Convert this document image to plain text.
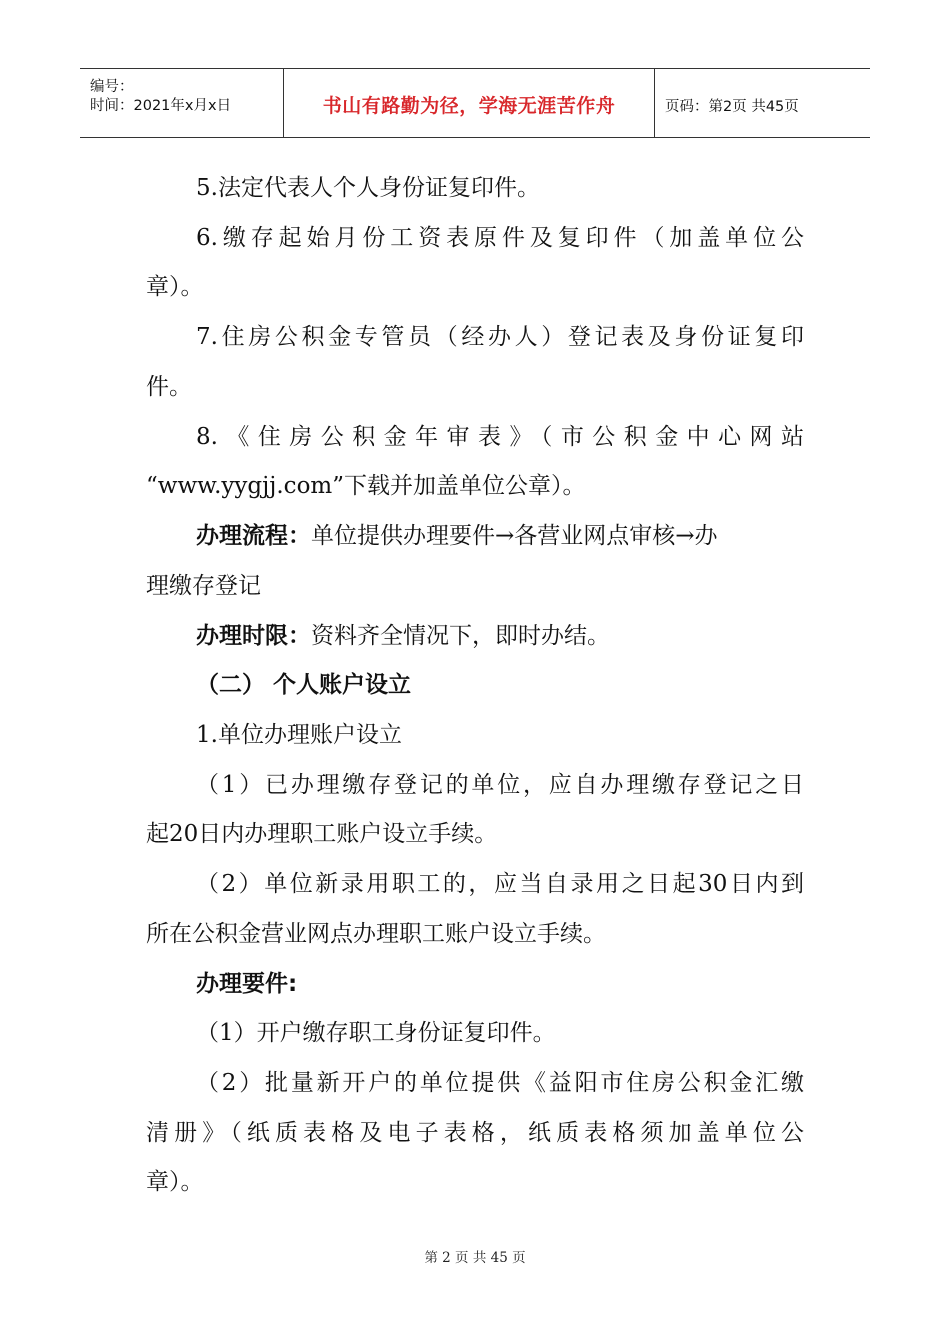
编号：
时间：2021年x月x日	书山有路勤为径，学海无涯苦作舟	页码：第2页 共45页
5.法定代表人个人身份证复印件。
6.缴存起始月份工资表原件及复印件（加盖单位公
章）。
7.住房公积金专管员（经办人）登记表及身份证复印
件。
8.《住房公积金年审表》（市公积金中心网站
“www.yygjj.com”下载并加盖单位公章）。
办理流程：单位提供办理要件→各营业网点审核→办
理缴存登记
办理时限：资料齐全情况下，即时办结。
（二） 个人账户设立
1.单位办理账户设立
（1）已办理缴存登记的单位，应自办理缴存登记之日
起20日内办理职工账户设立手续。
（2）单位新录用职工的，应当自录用之日起30日内到
所在公积金营业网点办理职工账户设立手续。
办理要件:
（1）开户缴存职工身份证复印件。
（2）批量新开户的单位提供《益阳市住房公积金汇缴
清册》（纸质表格及电子表格，纸质表格须加盖单位公
章）。
第 2 页 共 45 页
